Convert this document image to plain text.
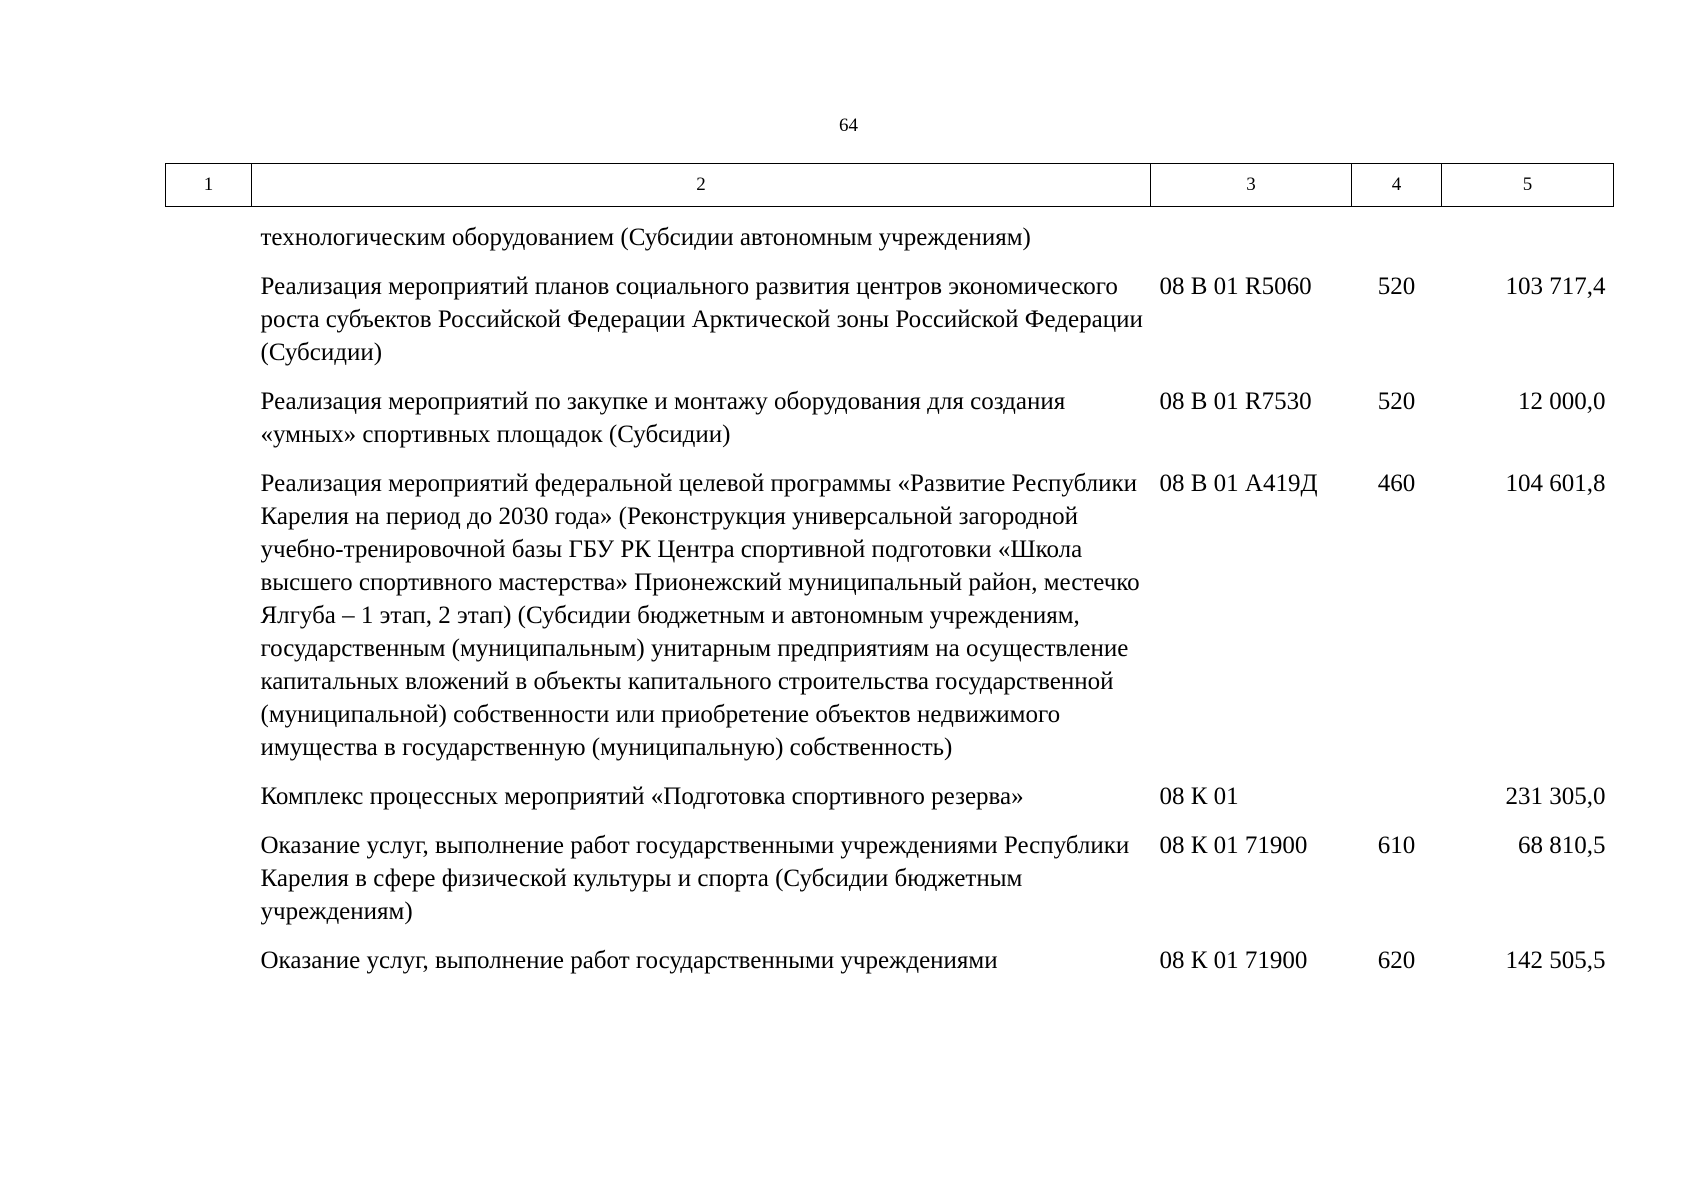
64
1	2	3	4	5
	технологическим оборудованием (Субсидии автономным учреждениям)			
	Реализация мероприятий планов социального развития центров экономического роста субъектов Российской Федерации Арктической зоны Российской Федерации (Субсидии)	08 В 01 R5060	520	103 717,4
	Реализация мероприятий по закупке и монтажу оборудования для создания «умных» спортивных площадок (Субсидии)	08 В 01 R7530	520	12 000,0
	Реализация мероприятий федеральной целевой программы «Развитие Республики Карелия на период до 2030 года» (Реконструкция универсальной загородной учебно-тренировочной базы ГБУ РК Центра спортивной подготовки «Школа высшего спортивного мастерства» Прионежский муниципальный район, местечко Ялгуба – 1 этап, 2 этап) (Субсидии бюджетным и автономным учреждениям, государственным (муниципальным) унитарным предприятиям на осуществление капитальных вложений в объекты капитального строительства государственной (муниципальной) собственности или приобретение объектов недвижимого имущества в государственную (муниципальную) собственность)	08 В 01 А419Д	460	104 601,8
	Комплекс процессных мероприятий «Подготовка спортивного резерва»	08 К 01		231 305,0
	Оказание услуг, выполнение работ государственными учреждениями Республики Карелия в сфере физической культуры и спорта (Субсидии бюджетным учреждениям)	08 К 01 71900	610	68 810,5
	Оказание услуг, выполнение работ государственными учреждениями	08 К 01 71900	620	142 505,5
